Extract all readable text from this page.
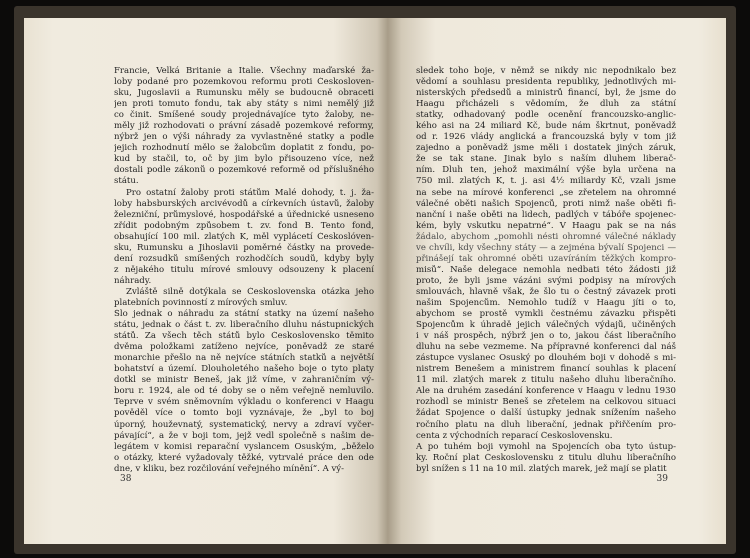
Francie, Velká Britanie a Italie. Všechny maďarské ža-
loby podané pro pozemkovou reformu proti Českosloven-
sku, Jugoslavii a Rumunsku měly se budoucně obraceti
jen proti tomuto fondu, tak aby státy s nimi nemělý již
co činit. Smíšené soudy projednávajíce tyto žaloby, ne-
měly již rozhodovati o právní zásadě pozemkové reformy,
nýbrž jen o výši náhrady za vyvlastněné statky a podle
jejich rozhodnutí mělo se žalobcům doplatit z fondu, po-
kud by stačil, to, oč by jim bylo přisouzeno více, než
dostali podle zákonů o pozemkové reformě od příslušného
státu.
Pro ostatní žaloby proti státům Malé dohody, t. j. ža-
loby habsburských arcivévodů a církevních ústavů, žaloby
železniční, průmyslové, hospodářské a úřednické usneseno
zřídit podobným způsobem t. zv. fond B. Tento fond,
obsahující 100 mil. zlatých K, měl vyplácetí Českoslóven-
sku, Rumunsku a Jihoslavii poměrné částky na provede-
dení rozsudků smíšených rozhodčích soudů, kdyby byly
z nějakého titulu mírové smlouvy odsouzeny k placení
náhrady.
Zvláště silně dotýkala se Československa otázka jeho
platebních povinností z mírových smluv.
Šlo jednak o náhradu za státní statky na území našeho
státu, jednak o část t. zv. liberačního dluhu nástupnických
států. Za všech těch států bylo Československo těmito
dvěma položkami zatíženo nejvíce, poněvadž ze staré
monarchie přešlo na ně nejvíce státních statků a největší
bohatství a území. Dlouholetého našeho boje o tyto platy
dotkl se ministr Beneš, jak již víme, v zahraničním vý-
boru r. 1924, ale od té doby se o něm veřejně nemluvilo.
Teprve v svém sněmovním výkladu o konferenci v Haagu
pověděl více o tomto boji vyznávaje, že „byl to boj
úporný, houževnatý, systematický, nervy a zdraví vyčer-
pávající“, a že v boji tom, jejž vedl společně s našim de-
legátem v komisi reparační vyslancem Osuským, „běželo
o otázky, které vyžadovaly těžké, vytrvalé práce den ode
dne, v kliku, bez rozčilování veřejného mínění“. A vý-
38
sledek toho boje, v němž se nikdy nic nepodnikalo bez
vědomí a souhlasu presidenta republiky, jednotlivých mi-
nisterských předsedů a ministrů financí, byl, že jsme do
Haagu přicházeli s vědomím, že dluh za státní
statky, odhadovaný podle ocenění francouzsko-anglic-
kého asi na 24 miliard Kč, bude nám škrtnut, poněvadž
od r. 1926 vlády anglická a francouzská byly v tom již
zajedno a poněvadž jsme měli i dostatek jiných záruk,
že se tak stane. Jinak bylo s naším dluhem liberač-
ním. Dluh ten, jehož maximální výše byla určena na
750 mil. zlatých K, t. j. asi 4½ miliardy Kč, vzali jsme
na sebe na mírové konferenci „se zřetelem na ohromné
válečné oběti našich Spojenců, proti nimž naše oběti fi-
nanční i naše oběti na lidech, padlých v tábóře spojenec-
kém, byly vskutku nepatrné“. V Haagu pak se na nás
žádalo, abychom „pomohli nésti ohromné válečné náklady
ve chvíli, kdy všechny státy — a zejména bývalí Spojenci —
přinášejí tak ohromné oběti uzavíráním těžkých kompro-
misů“. Naše delegace nemohla nedbati této žádosti již
proto, že byli jsme vázáni svými podpisy na mírových
smlouvách, hlavně však, že šlo tu o čestný závazek proti
našim Spojencům. Nemohlo tudíž v Haagu jíti o to,
abychom se prostě vymkli čestnému závazku přispěti
Spojencům k úhradě jejich válečných výdajů, učiněných
i v náš prospěch, nýbrž jen o to, jakou část liberačního
dluhu na sebe vezmeme. Na přípravné konferenci dal náš
zástupce vyslanec Osuský po dlouhém boji v dohodě s mi-
nistrem Benešem a ministrem financí souhlas k placení
11 mil. zlatých marek z titulu našeho dluhu liberačního.
Ale na druhém zasedání konference v Haagu v lednu 1930
rozhodl se ministr Beneš se zřetelem na celkovou situaci
žádat Spojence o další ústupky jednak snížením našeho
ročního platu na dluh liberační, jednak přiřčením pro-
centa z východních reparací Československu.
A po tuhém boji vymohl na Spojencích oba tyto ústup-
ky. Roční plat Československu z titulu dluhu liberačního
byl snížen s 11 na 10 mil. zlatých marek, jež mají se platit
39
